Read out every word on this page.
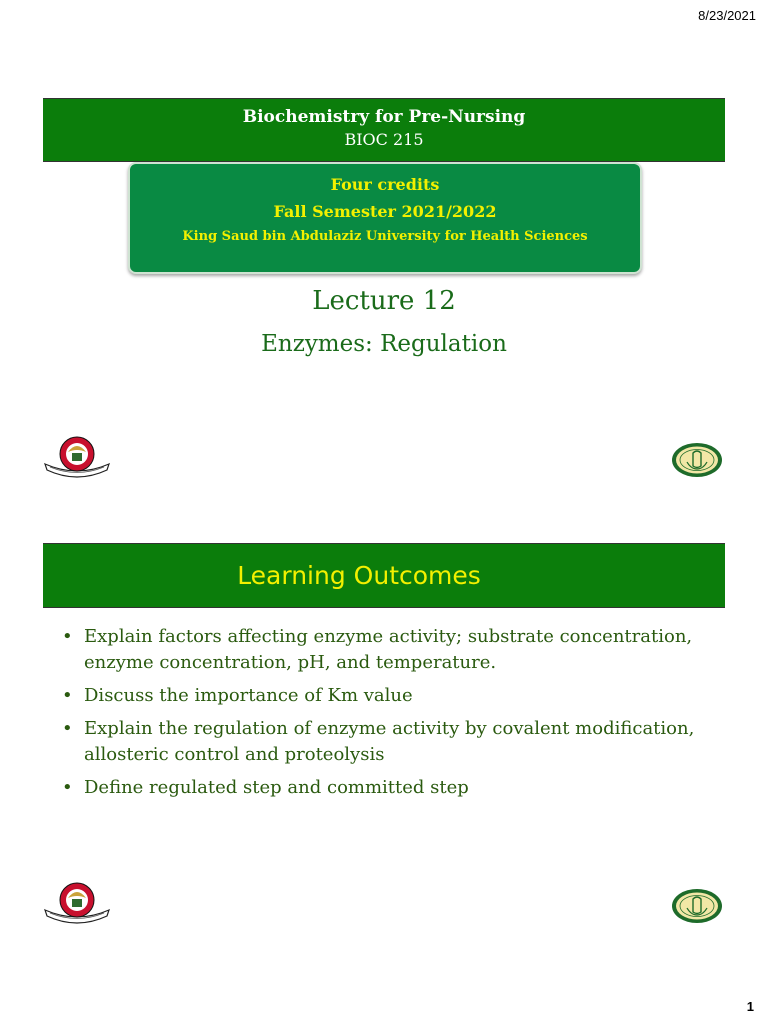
8/23/2021
Biochemistry for Pre-Nursing
BIOC 215
Four credits
Fall Semester 2021/2022
King Saud bin Abdulaziz University for Health Sciences
Lecture 12
Enzymes: Regulation
Learning Outcomes
• Explain factors affecting enzyme activity; substrate concentration, enzyme concentration, pH, and temperature.
• Discuss the importance of Km value
• Explain the regulation of enzyme activity by covalent modification, allosteric control and proteolysis
• Define regulated step and committed step
1
